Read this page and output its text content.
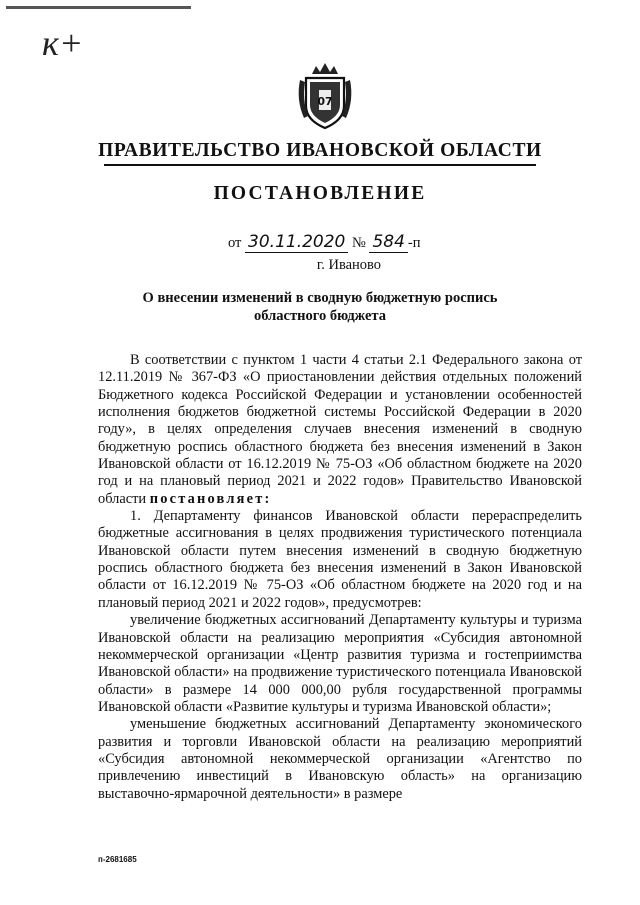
к+
07
ПРАВИТЕЛЬСТВО ИВАНОВСКОЙ ОБЛАСТИ
ПОСТАНОВЛЕНИЕ
от 30.11.2020 № 584 -п
г. Иваново
О внесении изменений в сводную бюджетную роспись
областного бюджета

В соответствии с пунктом 1 части 4 статьи 2.1 Федерального закона от 12.11.2019 № 367-ФЗ «О приостановлении действия отдельных положений Бюджетного кодекса Российской Федерации и установлении особенностей исполнения бюджетов бюджетной системы Российской Федерации в 2020 году», в целях определения случаев внесения изменений в сводную бюджетную роспись областного бюджета без внесения изменений в Закон Ивановской области от 16.12.2019 № 75-ОЗ «Об областном бюджете на 2020 год и на плановый период 2021 и 2022 годов» Правительство Ивановской области постановляет:

1. Департаменту финансов Ивановской области перераспределить бюджетные ассигнования в целях продвижения туристического потенциала Ивановской области путем внесения изменений в сводную бюджетную роспись областного бюджета без внесения изменений в Закон Ивановской области от 16.12.2019 № 75-ОЗ «Об областном бюджете на 2020 год и на плановый период 2021 и 2022 годов», предусмотрев:

увеличение бюджетных ассигнований Департаменту культуры и туризма Ивановской области на реализацию мероприятия «Субсидия автономной некоммерческой организации «Центр развития туризма и гостеприимства Ивановской области» на продвижение туристического потенциала Ивановской области» в размере 14 000 000,00 рубля государственной программы Ивановской области «Развитие культуры и туризма Ивановской области»;

уменьшение бюджетных ассигнований Департаменту экономического развития и торговли Ивановской области на реализацию мероприятий «Субсидия автономной некоммерческой организации «Агентство по привлечению инвестиций в Ивановскую область» на организацию выставочно-ярмарочной деятельности» в размере

п-2681685
